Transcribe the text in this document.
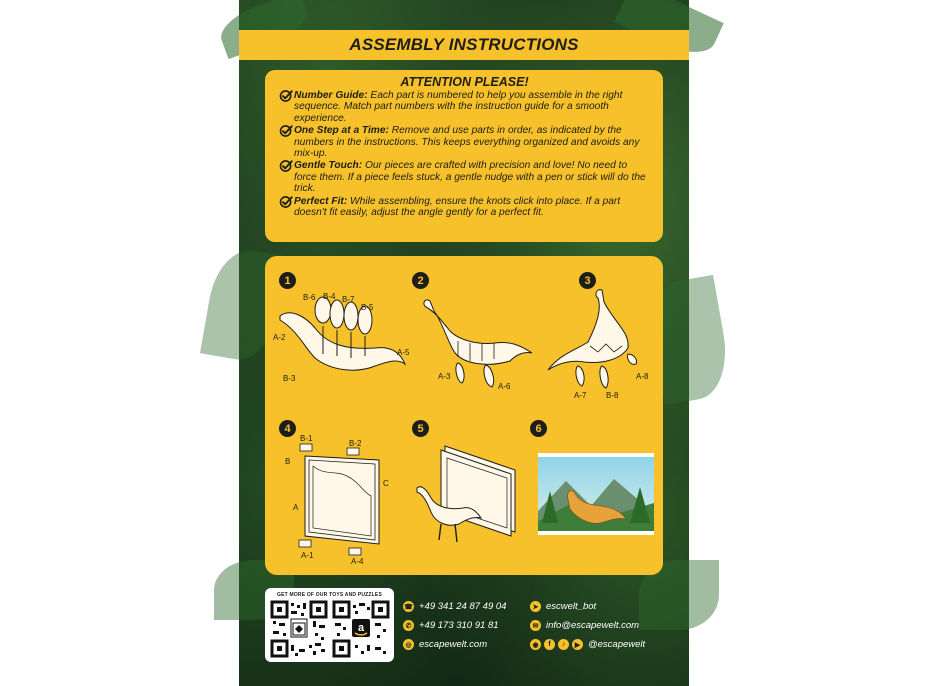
ASSEMBLY INSTRUCTIONS
ATTENTION PLEASE!
Number Guide: Each part is numbered to help you assemble in the right sequence. Match part numbers with the instruction guide for a smooth experience.
One Step at a Time: Remove and use parts in order, as indicated by the numbers in the instructions. This keeps everything organized and avoids any mix-up.
Gentle Touch: Our pieces are crafted with precision and love! No need to force them. If a piece feels stuck, a gentle nudge with a pen or stick will do the trick.
Perfect Fit: While assembling, ensure the knots click into place. If a part doesn't fit easily, adjust the angle gently for a perfect fit.
1	2	3
4	5	6
B-6 B-4 B-7
B-5
A-2
A-5
B-3	A-3
A-6
A-8
A-7 B-8
B-1
B-2
B
C
A
A-1
A-4
GET MORE OF OUR TOYS AND PUZZLES
a
☎ +49 341 24 87 49 04
✆ +49 173 310 91 81
◎ escapewelt.com
➤ escwelt_bot
✉ info@escapewelt.com
◉	f	♪	▶ @escapewelt
